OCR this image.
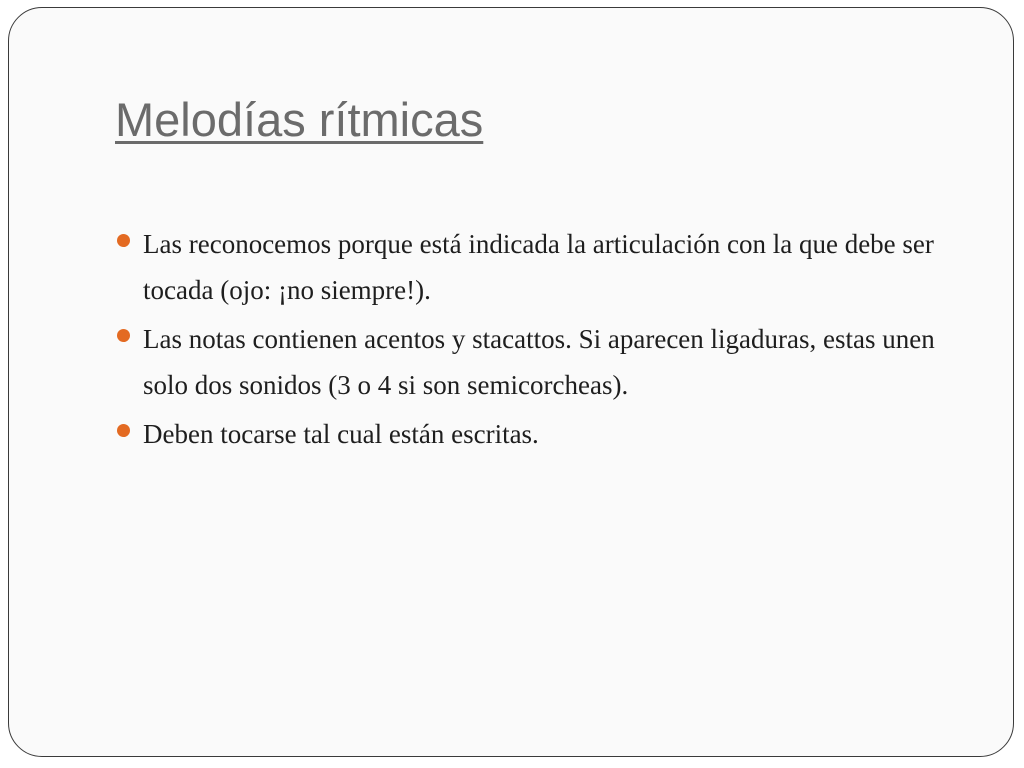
Melodías rítmicas
Las reconocemos porque está indicada la articulación con la que debe ser tocada (ojo: ¡no siempre!).
Las notas contienen acentos y stacattos. Si aparecen ligaduras, estas unen solo dos sonidos (3 o 4 si son semicorcheas).
Deben tocarse tal cual están escritas.
